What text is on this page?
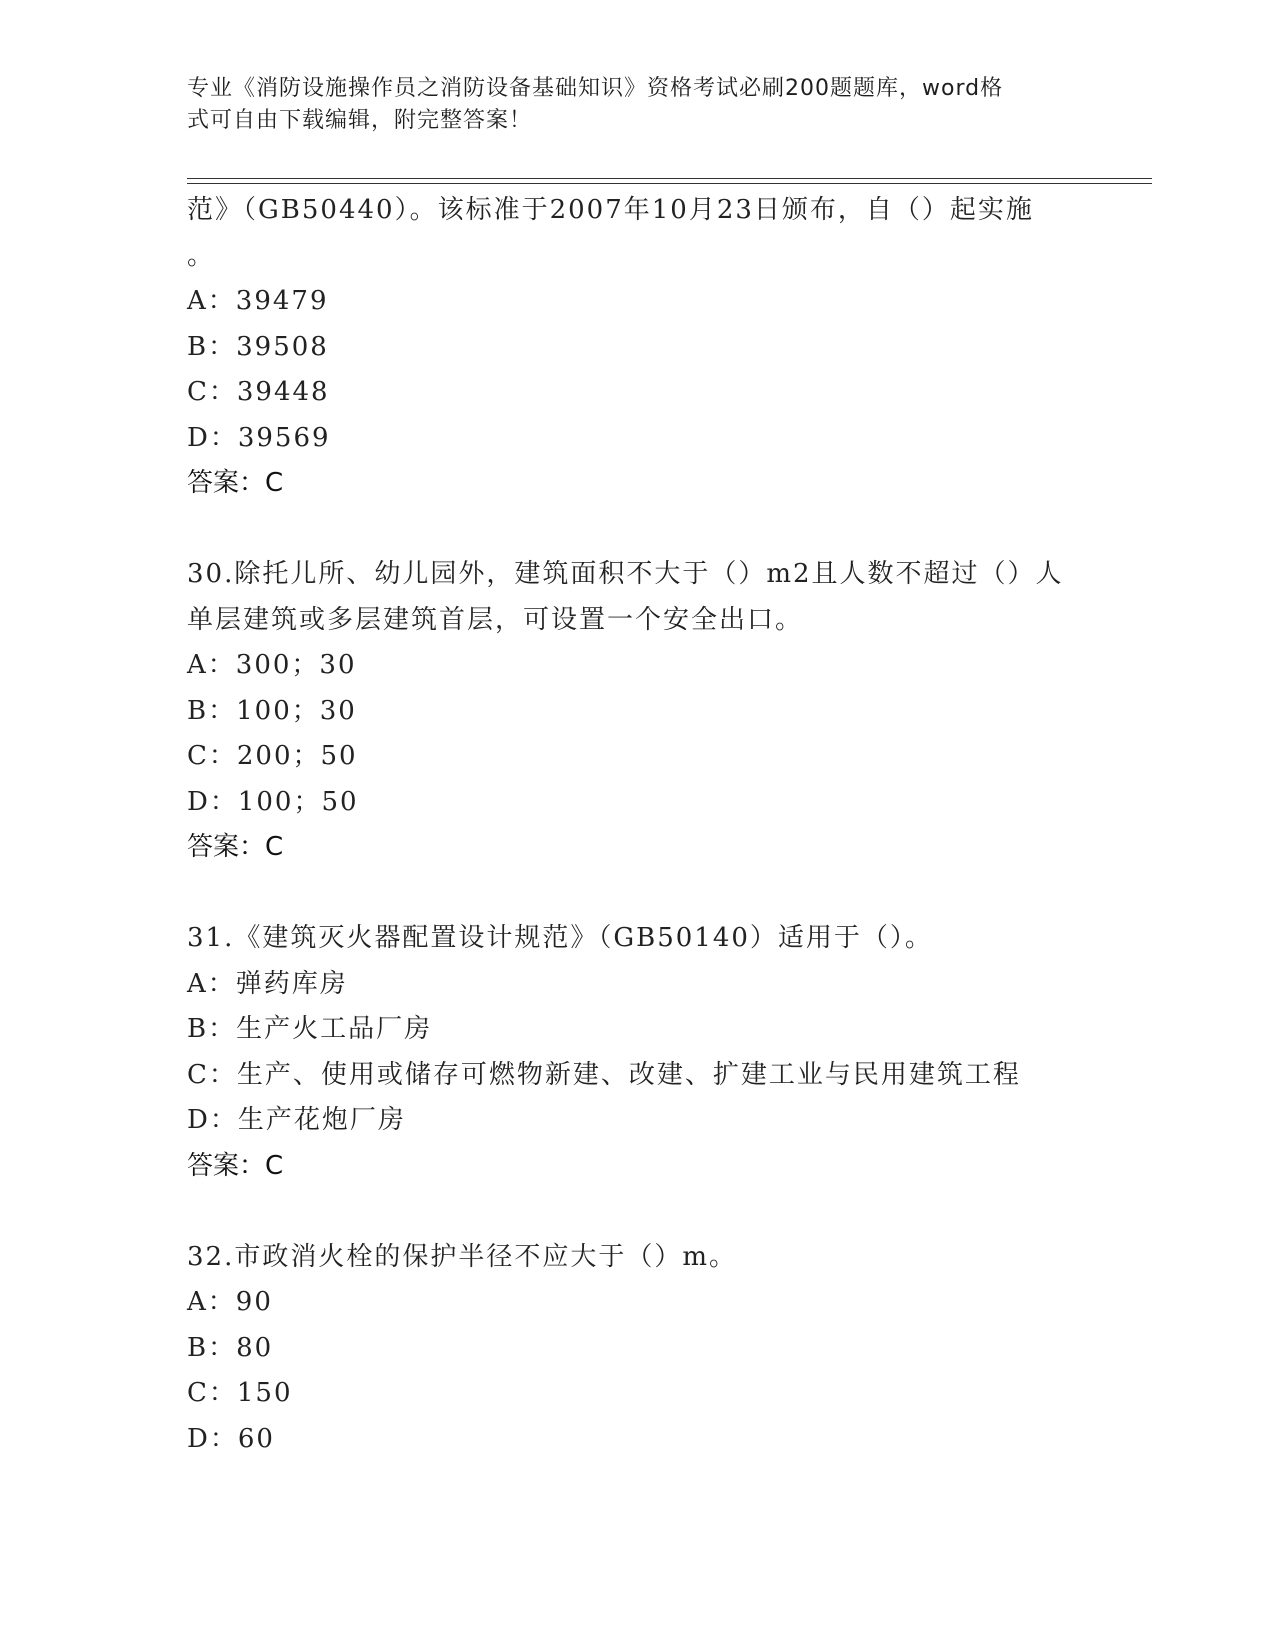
专业《消防设施操作员之消防设备基础知识》资格考试必刷200题题库，word格
式可自由下载编辑，附完整答案！
范》（GB50440）。该标准于2007年10月23日颁布，自（）起实施
。
A：39479
B：39508
C：39448
D：39569
答案：C
30.除托儿所、幼儿园外，建筑面积不大于（）m2且人数不超过（）人
单层建筑或多层建筑首层，可设置一个安全出口。
A：300；30
B：100；30
C：200；50
D：100；50
答案：C
31.《建筑灭火器配置设计规范》（GB50140）适用于（）。
A：弹药库房
B：生产火工品厂房
C：生产、使用或储存可燃物新建、改建、扩建工业与民用建筑工程
D：生产花炮厂房
答案：C
32.市政消火栓的保护半径不应大于（）m。
A：90
B：80
C：150
D：60
